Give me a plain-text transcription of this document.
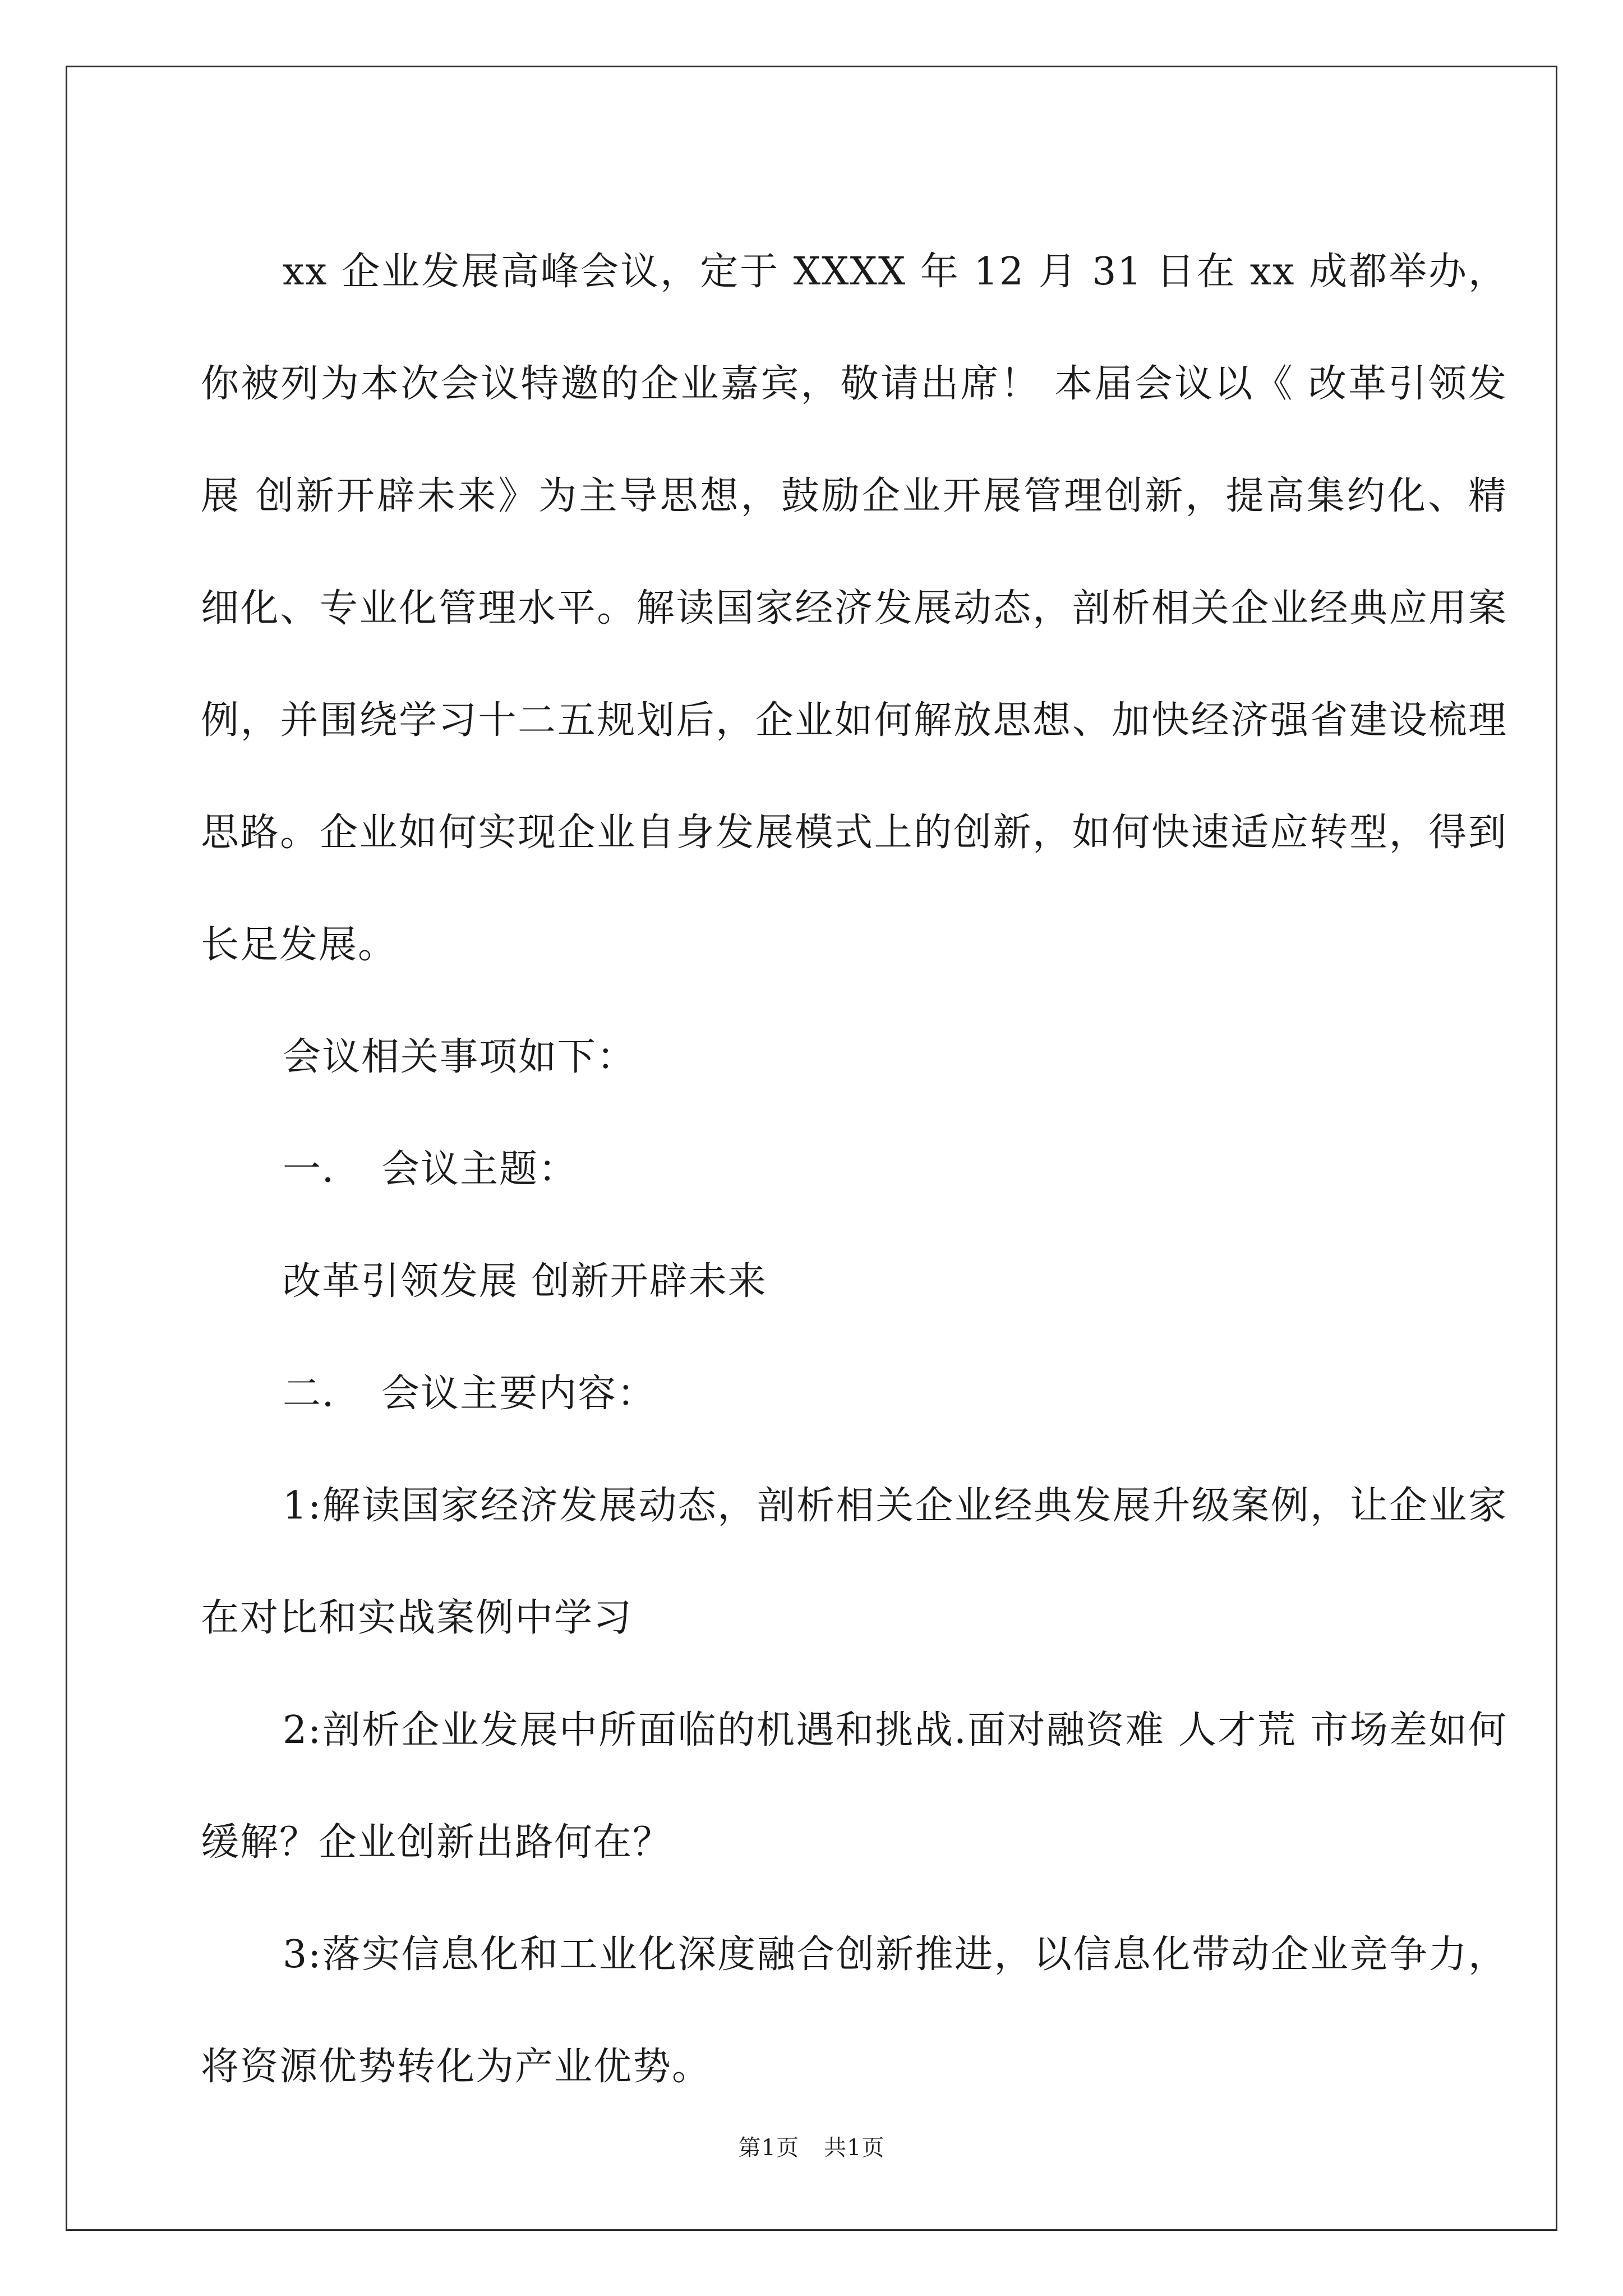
xx 企业发展高峰会议，定于 XXXX 年 12 月 31 日在 xx 成都举办，你被列为本次会议特邀的企业嘉宾，敬请出席！ 本届会议以《 改革引领发展 创新开辟未来》为主导思想，鼓励企业开展管理创新，提高集约化、精细化、专业化管理水平。解读国家经济发展动态，剖析相关企业经典应用案例，并围绕学习十二五规划后，企业如何解放思想、加快经济强省建设梳理思路。企业如何实现企业自身发展模式上的创新，如何快速适应转型，得到长足发展。

会议相关事项如下：

一．　会议主题：

改革引领发展 创新开辟未来

二．　会议主要内容：

1:解读国家经济发展动态，剖析相关企业经典发展升级案例，让企业家在对比和实战案例中学习

2:剖析企业发展中所面临的机遇和挑战.面对融资难 人才荒 市场差如何缓解？企业创新出路何在？

3:落实信息化和工业化深度融合创新推进，以信息化带动企业竞争力，将资源优势转化为产业优势。

第1页 共1页
